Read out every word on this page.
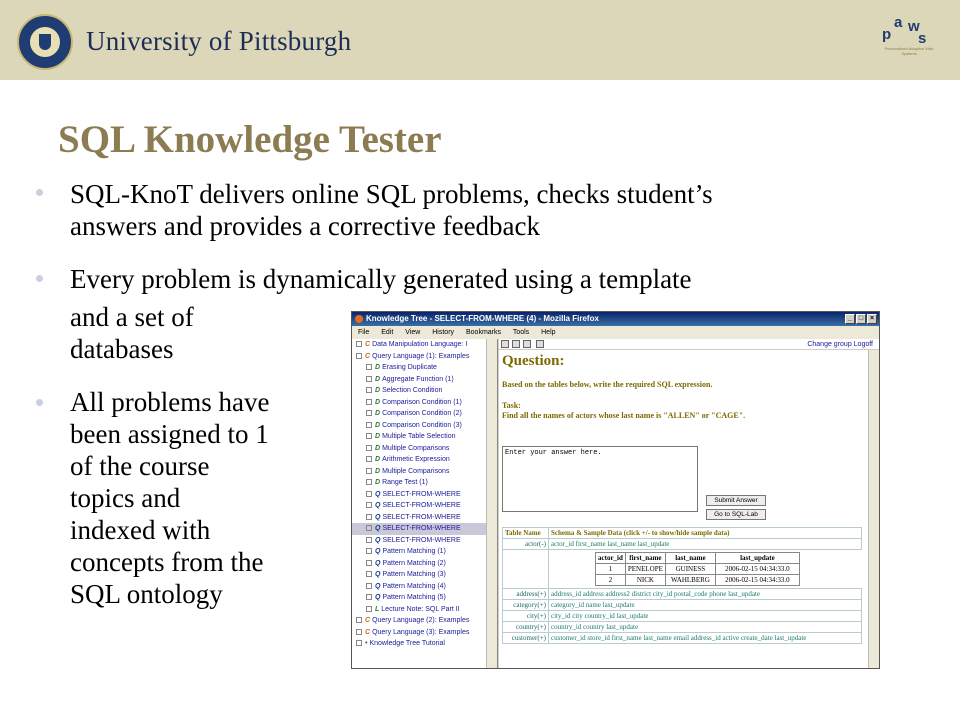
University of Pittsburgh	p
a w
s
Personalized Adaptive Web Systems
SQL Knowledge Tester
SQL-KnoT delivers online SQL problems, checks student’s
answers and provides a corrective feedback
Every problem is dynamically generated using a template
and a set of
databases
All problems have
been assigned to 1
of the course
topics and
indexed with
concepts from the
SQL ontology
Knowledge Tree - SELECT-FROM-WHERE (4) - Mozilla Firefox	_ □ ×
File Edit View History Bookmarks Tools Help
C Data Manipulation Language: I
C Query Language (1): Examples
D Erasing Duplicate
D Aggregate Function (1)
D Selection Condition
D Comparison Condition (1)
D Comparison Condition (2)
D Comparison Condition (3)
D Multiple Table Selection
D Multiple Comparisons
D Arithmetic Expression
D Multiple Comparisons
D Range Test (1)
Q SELECT-FROM-WHERE
Q SELECT-FROM-WHERE
Q SELECT-FROM-WHERE
Q SELECT-FROM-WHERE
Q SELECT-FROM-WHERE
Q Pattern Matching (1)
Q Pattern Matching (2)
Q Pattern Matching (3)
Q Pattern Matching (4)
Q Pattern Matching (5)
L Lecture Note: SQL Part II
C Query Language (2): Examples
C Query Language (3): Examples
• Knowledge Tree Tutorial
Change group Logoff
Question:
Based on the tables below, write the required SQL expression.
Task:
Find all the names of actors whose last name is "ALLEN" or "CAGE".
Enter your answer here.
Submit Answer
Go to SQL-Lab
Table Name	Schema & Sample Data (click +/- to show/hide sample data)
actor(-)	actor_id first_name last_name last_update

actor_id	first_name	last_name	last_update
1	PENELOPE	GUINESS	2006-02-15 04:34:33.0
2	NICK	WAHLBERG	2006-02-15 04:34:33.0

address(+)	address_id address address2 district city_id postal_code phone last_update
category(+)	category_id name last_update
city(+)	city_id city country_id last_update
country(+)	country_id country last_update
customer(+)	customer_id store_id first_name last_name email address_id active create_date last_update
